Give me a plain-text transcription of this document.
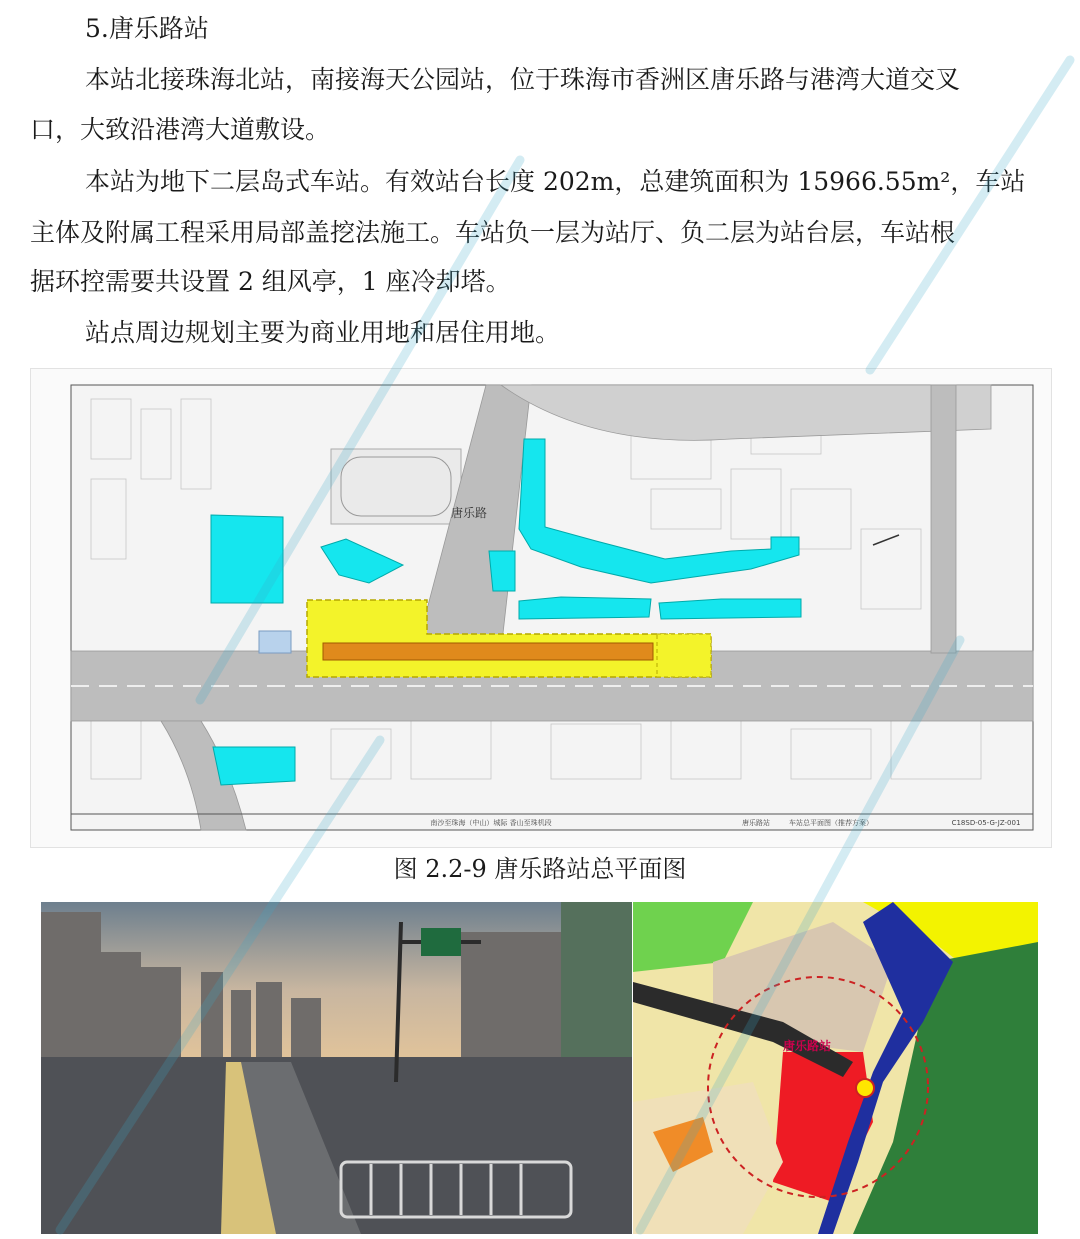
5.唐乐路站
本站北接珠海北站，南接海天公园站，位于珠海市香洲区唐乐路与港湾大道交叉
口，大致沿港湾大道敷设。
本站为地下二层岛式车站。有效站台长度 202m，总建筑面积为 15966.55m²，车站
主体及附属工程采用局部盖挖法施工。车站负一层为站厅、负二层为站台层，车站根
据环控需要共设置 2 组风亭，1 座冷却塔。
站点周边规划主要为商业用地和居住用地。
唐乐路
南沙至珠海（中山）城际 香山至珠机段	唐乐路站	车站总平面图（推荐方案）	C18SD-05-G-JZ-001
图 2.2-9 唐乐路站总平面图
唐乐路站
